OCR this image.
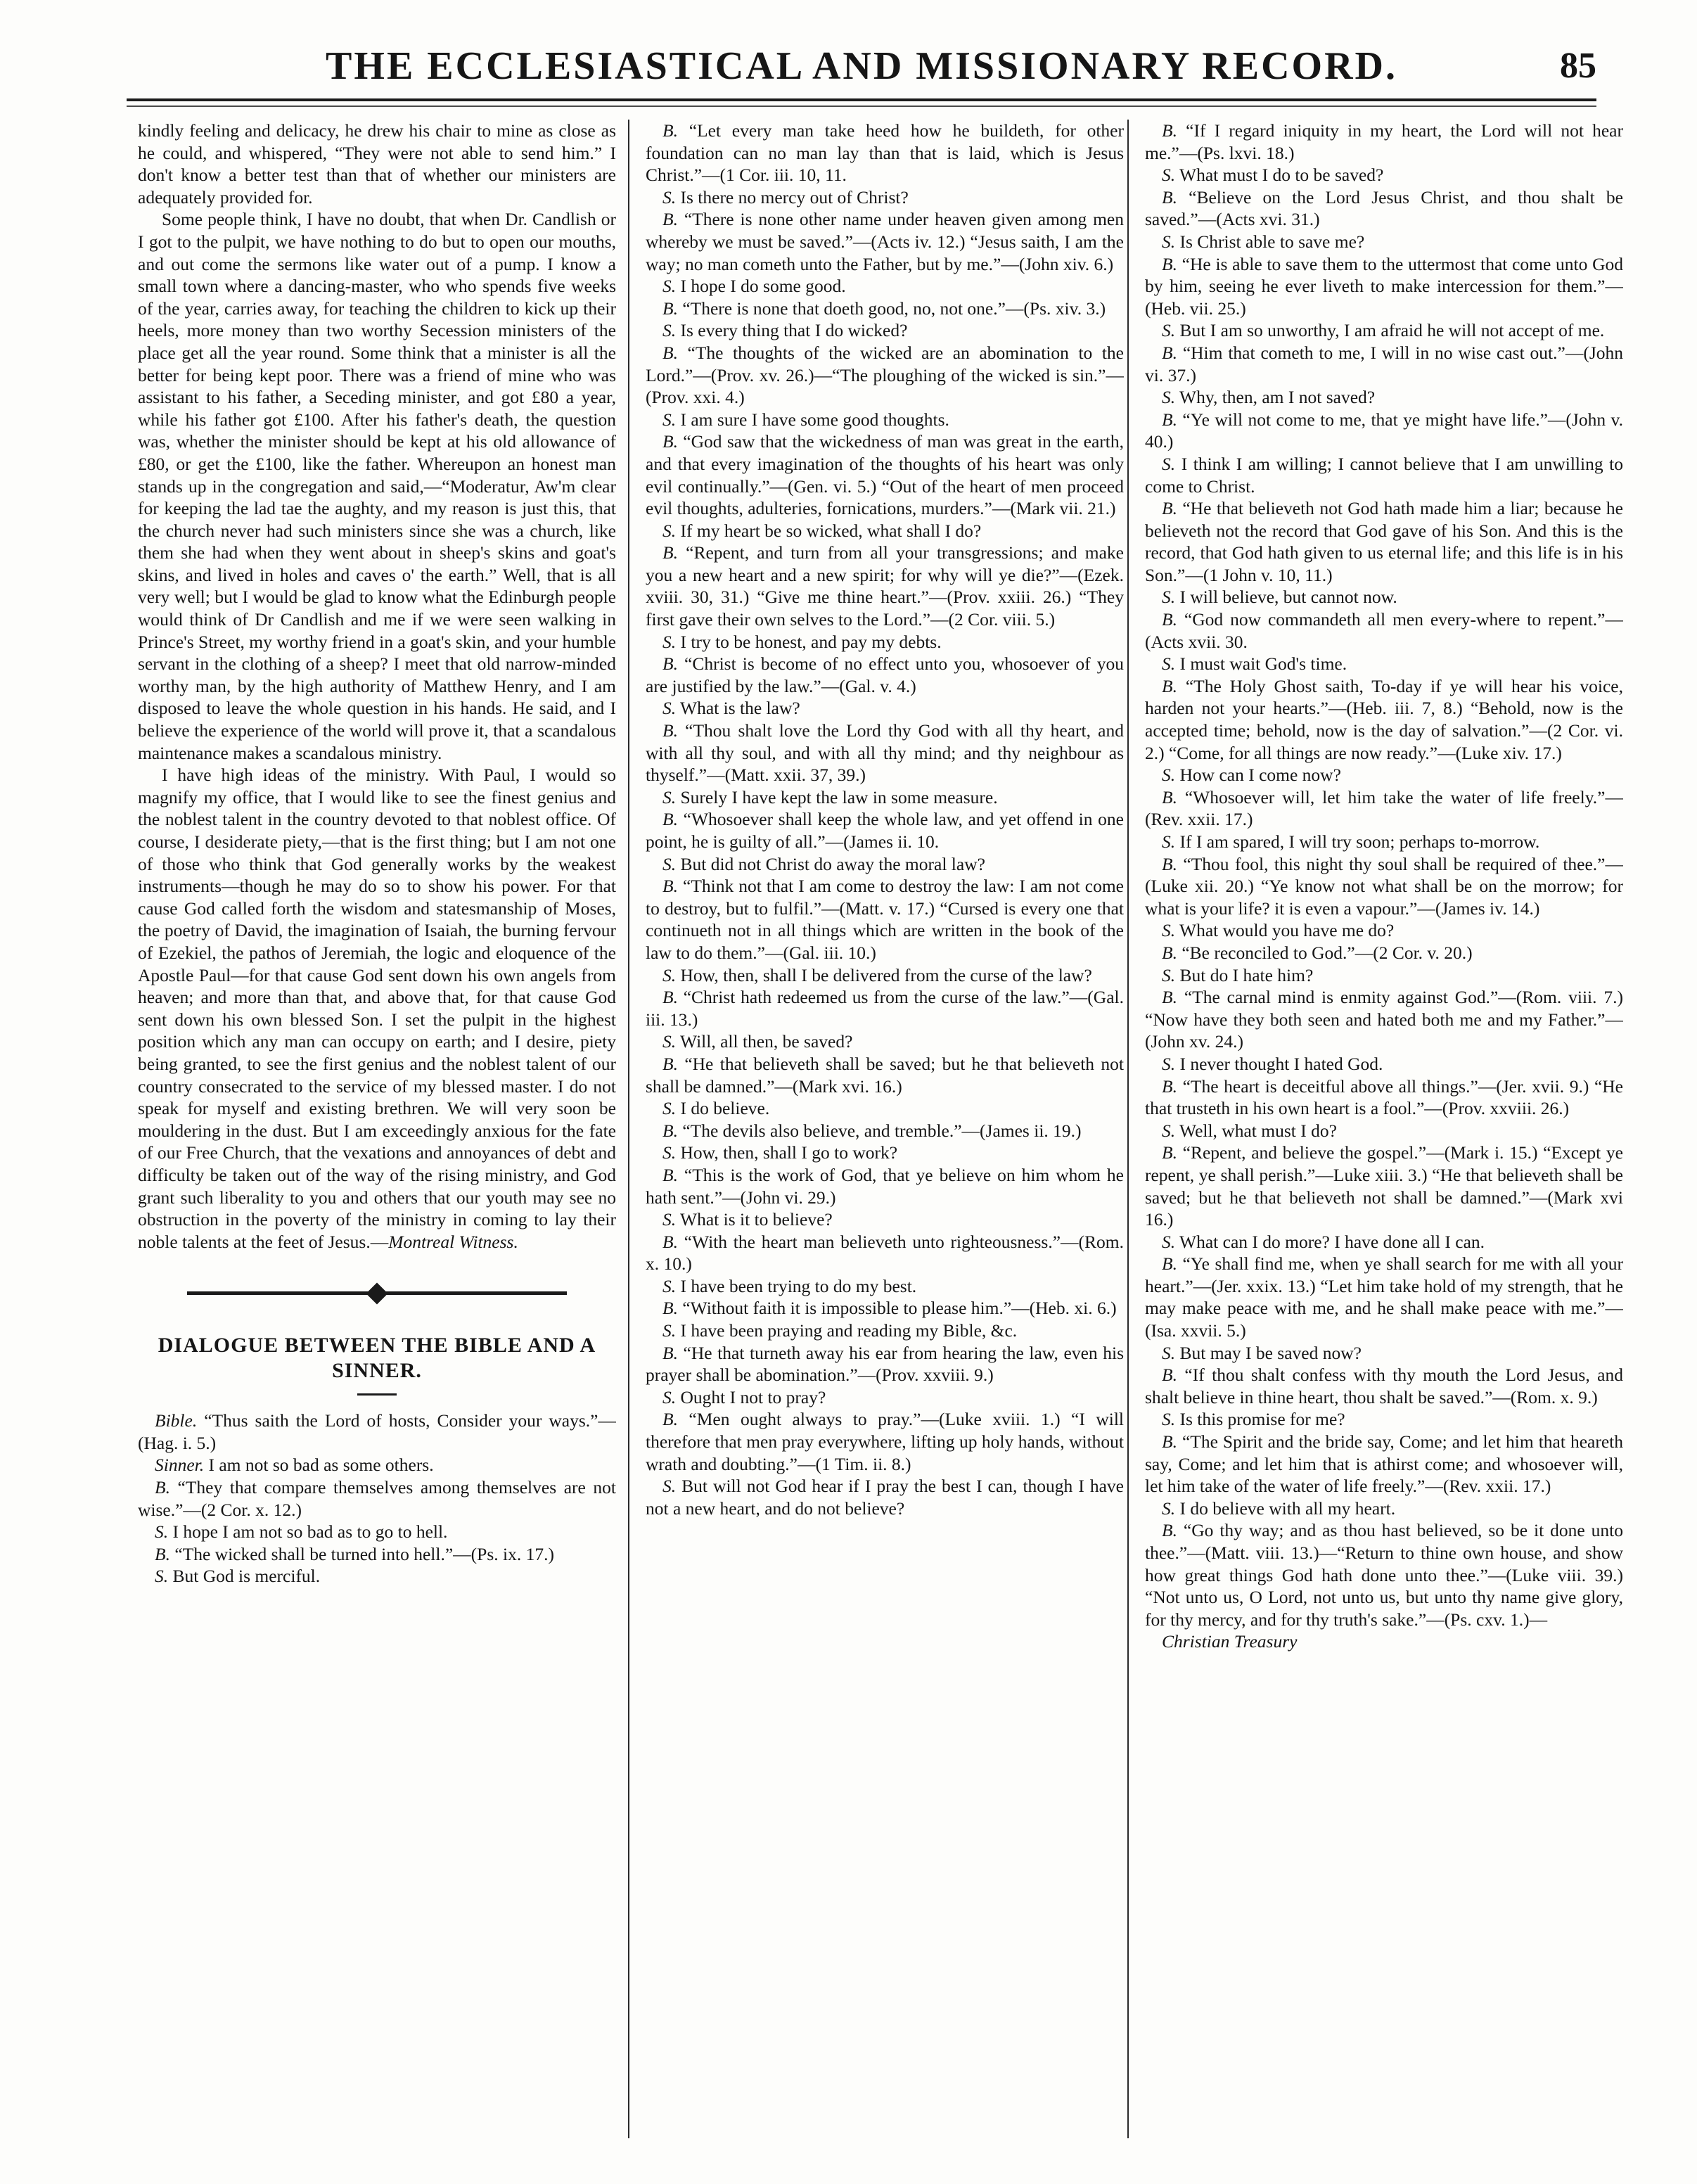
THE ECCLESIASTICAL AND MISSIONARY RECORD.	85

kindly feeling and delicacy, he drew his chair to mine as close as he could, and whispered, “They were not able to send him.” I don't know a better test than that of whether our ministers are adequately provided for.

Some people think, I have no doubt, that when Dr. Candlish or I got to the pulpit, we have nothing to do but to open our mouths, and out come the sermons like water out of a pump. I know a small town where a dancing-master, who who spends five weeks of the year, carries away, for teaching the children to kick up their heels, more money than two worthy Secession ministers of the place get all the year round. Some think that a minister is all the better for being kept poor. There was a friend of mine who was assistant to his father, a Seceding minister, and got £80 a year, while his father got £100. After his father's death, the question was, whether the minister should be kept at his old allowance of £80, or get the £100, like the father. Whereupon an honest man stands up in the congregation and said,—“Moderatur, Aw'm clear for keeping the lad tae the aughty, and my reason is just this, that the church never had such ministers since she was a church, like them she had when they went about in sheep's skins and goat's skins, and lived in holes and caves o' the earth.” Well, that is all very well; but I would be glad to know what the Edinburgh people would think of Dr Candlish and me if we were seen walking in Prince's Street, my worthy friend in a goat's skin, and your humble servant in the clothing of a sheep? I meet that old narrow-minded worthy man, by the high authority of Matthew Henry, and I am disposed to leave the whole question in his hands. He said, and I believe the experience of the world will prove it, that a scandalous maintenance makes a scandalous ministry.

I have high ideas of the ministry. With Paul, I would so magnify my office, that I would like to see the finest genius and the noblest talent in the country devoted to that noblest office. Of course, I desiderate piety,—that is the first thing; but I am not one of those who think that God generally works by the weakest instruments—though he may do so to show his power. For that cause God called forth the wisdom and statesmanship of Moses, the poetry of David, the imagination of Isaiah, the burning fervour of Ezekiel, the pathos of Jeremiah, the logic and eloquence of the Apostle Paul—for that cause God sent down his own angels from heaven; and more than that, and above that, for that cause God sent down his own blessed Son. I set the pulpit in the highest position which any man can occupy on earth; and I desire, piety being granted, to see the first genius and the noblest talent of our country consecrated to the service of my blessed master. I do not speak for myself and existing brethren. We will very soon be mouldering in the dust. But I am exceedingly anxious for the fate of our Free Church, that the vexations and annoyances of debt and difficulty be taken out of the way of the rising ministry, and God grant such liberality to you and others that our youth may see no obstruction in the poverty of the ministry in coming to lay their noble talents at the feet of Jesus.—Montreal Witness.

DIALOGUE BETWEEN THE BIBLE AND A SINNER.

Bible. “Thus saith the Lord of hosts, Consider your ways.”—(Hag. i. 5.)

Sinner. I am not so bad as some others.

B. “They that compare themselves among themselves are not wise.”—(2 Cor. x. 12.)

S. I hope I am not so bad as to go to hell.

B. “The wicked shall be turned into hell.”—(Ps. ix. 17.)

S. But God is merciful.

B. “Let every man take heed how he buildeth, for other foundation can no man lay than that is laid, which is Jesus Christ.”—(1 Cor. iii. 10, 11.

S. Is there no mercy out of Christ?

B. “There is none other name under heaven given among men whereby we must be saved.”—(Acts iv. 12.) “Jesus saith, I am the way; no man cometh unto the Father, but by me.”—(John xiv. 6.)

S. I hope I do some good.

B. “There is none that doeth good, no, not one.”—(Ps. xiv. 3.)

S. Is every thing that I do wicked?

B. “The thoughts of the wicked are an abomination to the Lord.”—(Prov. xv. 26.)—“The ploughing of the wicked is sin.”—(Prov. xxi. 4.)

S. I am sure I have some good thoughts.

B. “God saw that the wickedness of man was great in the earth, and that every imagination of the thoughts of his heart was only evil continually.”—(Gen. vi. 5.) “Out of the heart of men proceed evil thoughts, adulteries, fornications, murders.”—(Mark vii. 21.)

S. If my heart be so wicked, what shall I do?

B. “Repent, and turn from all your transgressions; and make you a new heart and a new spirit; for why will ye die?”—(Ezek. xviii. 30, 31.) “Give me thine heart.”—(Prov. xxiii. 26.) “They first gave their own selves to the Lord.”—(2 Cor. viii. 5.)

S. I try to be honest, and pay my debts.

B. “Christ is become of no effect unto you, whosoever of you are justified by the law.”—(Gal. v. 4.)

S. What is the law?

B. “Thou shalt love the Lord thy God with all thy heart, and with all thy soul, and with all thy mind; and thy neighbour as thyself.”—(Matt. xxii. 37, 39.)

S. Surely I have kept the law in some measure.

B. “Whosoever shall keep the whole law, and yet offend in one point, he is guilty of all.”—(James ii. 10.

S. But did not Christ do away the moral law?

B. “Think not that I am come to destroy the law: I am not come to destroy, but to fulfil.”—(Matt. v. 17.) “Cursed is every one that continueth not in all things which are written in the book of the law to do them.”—(Gal. iii. 10.)

S. How, then, shall I be delivered from the curse of the law?

B. “Christ hath redeemed us from the curse of the law.”—(Gal. iii. 13.)

S. Will, all then, be saved?

B. “He that believeth shall be saved; but he that believeth not shall be damned.”—(Mark xvi. 16.)

S. I do believe.

B. “The devils also believe, and tremble.”—(James ii. 19.)

S. How, then, shall I go to work?

B. “This is the work of God, that ye believe on him whom he hath sent.”—(John vi. 29.)

S. What is it to believe?

B. “With the heart man believeth unto righteousness.”—(Rom. x. 10.)

S. I have been trying to do my best.

B. “Without faith it is impossible to please him.”—(Heb. xi. 6.)

S. I have been praying and reading my Bible, &c.

B. “He that turneth away his ear from hearing the law, even his prayer shall be abomination.”—(Prov. xxviii. 9.)

S. Ought I not to pray?

B. “Men ought always to pray.”—(Luke xviii. 1.) “I will therefore that men pray everywhere, lifting up holy hands, without wrath and doubting.”—(1 Tim. ii. 8.)

S. But will not God hear if I pray the best I can, though I have not a new heart, and do not believe?

B. “If I regard iniquity in my heart, the Lord will not hear me.”—(Ps. lxvi. 18.)

S. What must I do to be saved?

B. “Believe on the Lord Jesus Christ, and thou shalt be saved.”—(Acts xvi. 31.)

S. Is Christ able to save me?

B. “He is able to save them to the uttermost that come unto God by him, seeing he ever liveth to make intercession for them.”—(Heb. vii. 25.)

S. But I am so unworthy, I am afraid he will not accept of me.

B. “Him that cometh to me, I will in no wise cast out.”—(John vi. 37.)

S. Why, then, am I not saved?

B. “Ye will not come to me, that ye might have life.”—(John v. 40.)

S. I think I am willing; I cannot believe that I am unwilling to come to Christ.

B. “He that believeth not God hath made him a liar; because he believeth not the record that God gave of his Son. And this is the record, that God hath given to us eternal life; and this life is in his Son.”—(1 John v. 10, 11.)

S. I will believe, but cannot now.

B. “God now commandeth all men every-where to repent.”—(Acts xvii. 30.

S. I must wait God's time.

B. “The Holy Ghost saith, To-day if ye will hear his voice, harden not your hearts.”—(Heb. iii. 7, 8.) “Behold, now is the accepted time; behold, now is the day of salvation.”—(2 Cor. vi. 2.) “Come, for all things are now ready.”—(Luke xiv. 17.)

S. How can I come now?

B. “Whosoever will, let him take the water of life freely.”—(Rev. xxii. 17.)

S. If I am spared, I will try soon; perhaps to-morrow.

B. “Thou fool, this night thy soul shall be required of thee.”—(Luke xii. 20.) “Ye know not what shall be on the morrow; for what is your life? it is even a vapour.”—(James iv. 14.)

S. What would you have me do?

B. “Be reconciled to God.”—(2 Cor. v. 20.)

S. But do I hate him?

B. “The carnal mind is enmity against God.”—(Rom. viii. 7.) “Now have they both seen and hated both me and my Father.”—(John xv. 24.)

S. I never thought I hated God.

B. “The heart is deceitful above all things.”—(Jer. xvii. 9.) “He that trusteth in his own heart is a fool.”—(Prov. xxviii. 26.)

S. Well, what must I do?

B. “Repent, and believe the gospel.”—(Mark i. 15.) “Except ye repent, ye shall perish.”—Luke xiii. 3.) “He that believeth shall be saved; but he that believeth not shall be damned.”—(Mark xvi 16.)

S. What can I do more? I have done all I can.

B. “Ye shall find me, when ye shall search for me with all your heart.”—(Jer. xxix. 13.) “Let him take hold of my strength, that he may make peace with me, and he shall make peace with me.”—(Isa. xxvii. 5.)

S. But may I be saved now?

B. “If thou shalt confess with thy mouth the Lord Jesus, and shalt believe in thine heart, thou shalt be saved.”—(Rom. x. 9.)

S. Is this promise for me?

B. “The Spirit and the bride say, Come; and let him that heareth say, Come; and let him that is athirst come; and whosoever will, let him take of the water of life freely.”—(Rev. xxii. 17.)

S. I do believe with all my heart.

B. “Go thy way; and as thou hast believed, so be it done unto thee.”—(Matt. viii. 13.)—“Return to thine own house, and show how great things God hath done unto thee.”—(Luke viii. 39.) “Not unto us, O Lord, not unto us, but unto thy name give glory, for thy mercy, and for thy truth's sake.”—(Ps. cxv. 1.)—

Christian Treasury
